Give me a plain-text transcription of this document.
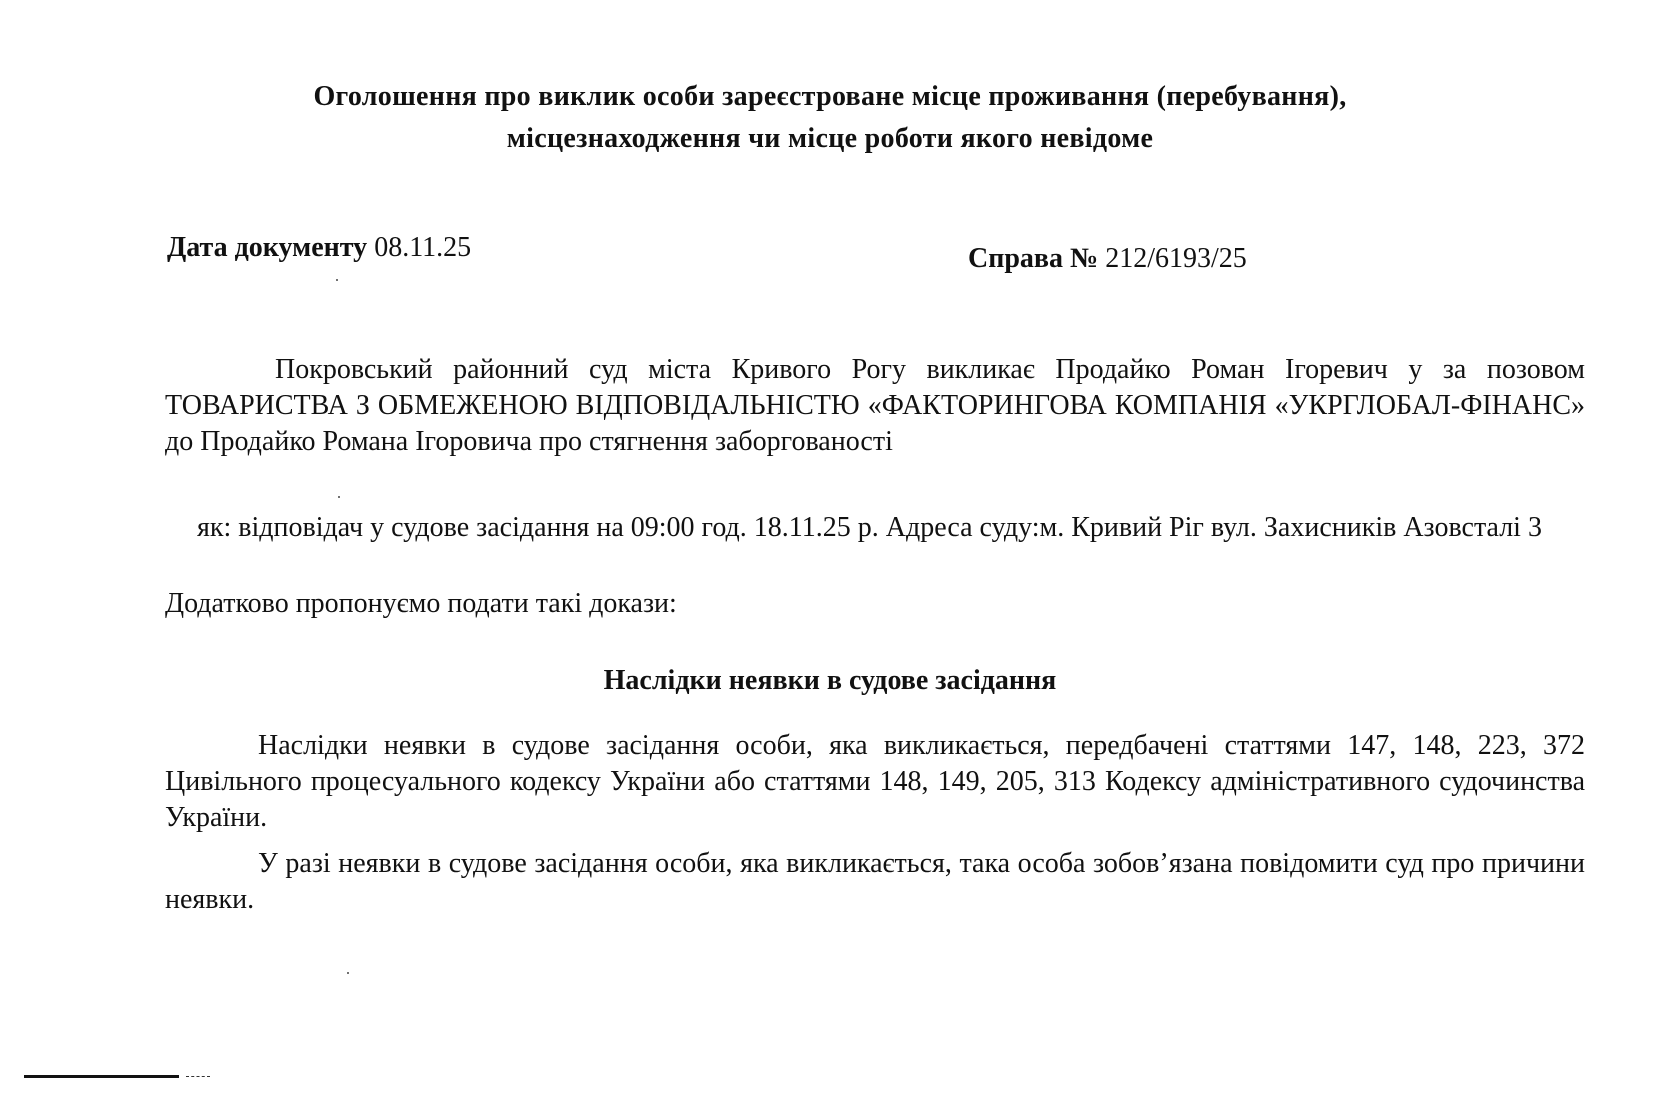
Оголошення про виклик особи зареєстроване місце проживання (перебування),
місцезнаходження чи місце роботи якого невідоме
Дата документу 08.11.25	Справа № 212/6193/25
Покровський районний суд міста Кривого Рогу викликає Продайко Роман Ігоревич у за позовом ТОВАРИСТВА З ОБМЕЖЕНОЮ ВІДПОВІДАЛЬНІСТЮ «ФАКТОРИНГОВА КОМПАНІЯ «УКРГЛОБАЛ-ФІНАНС» до Продайко Романа Ігоровича про стягнення заборгованості
як: відповідач у судове засідання на 09:00 год. 18.11.25 р. Адреса суду:м. Кривий Ріг вул. Захисників Азовсталі 3
Додатково пропонуємо подати такі докази:
Наслідки неявки в судове засідання
Наслідки неявки в судове засідання особи, яка викликається, передбачені статтями 147, 148, 223, 372 Цивільного процесуального кодексу України або статтями 148, 149, 205, 313 Кодексу адміністративного судочинства України.
У разі неявки в судове засідання особи, яка викликається, така особа зобов’язана повідомити суд про причини неявки.
